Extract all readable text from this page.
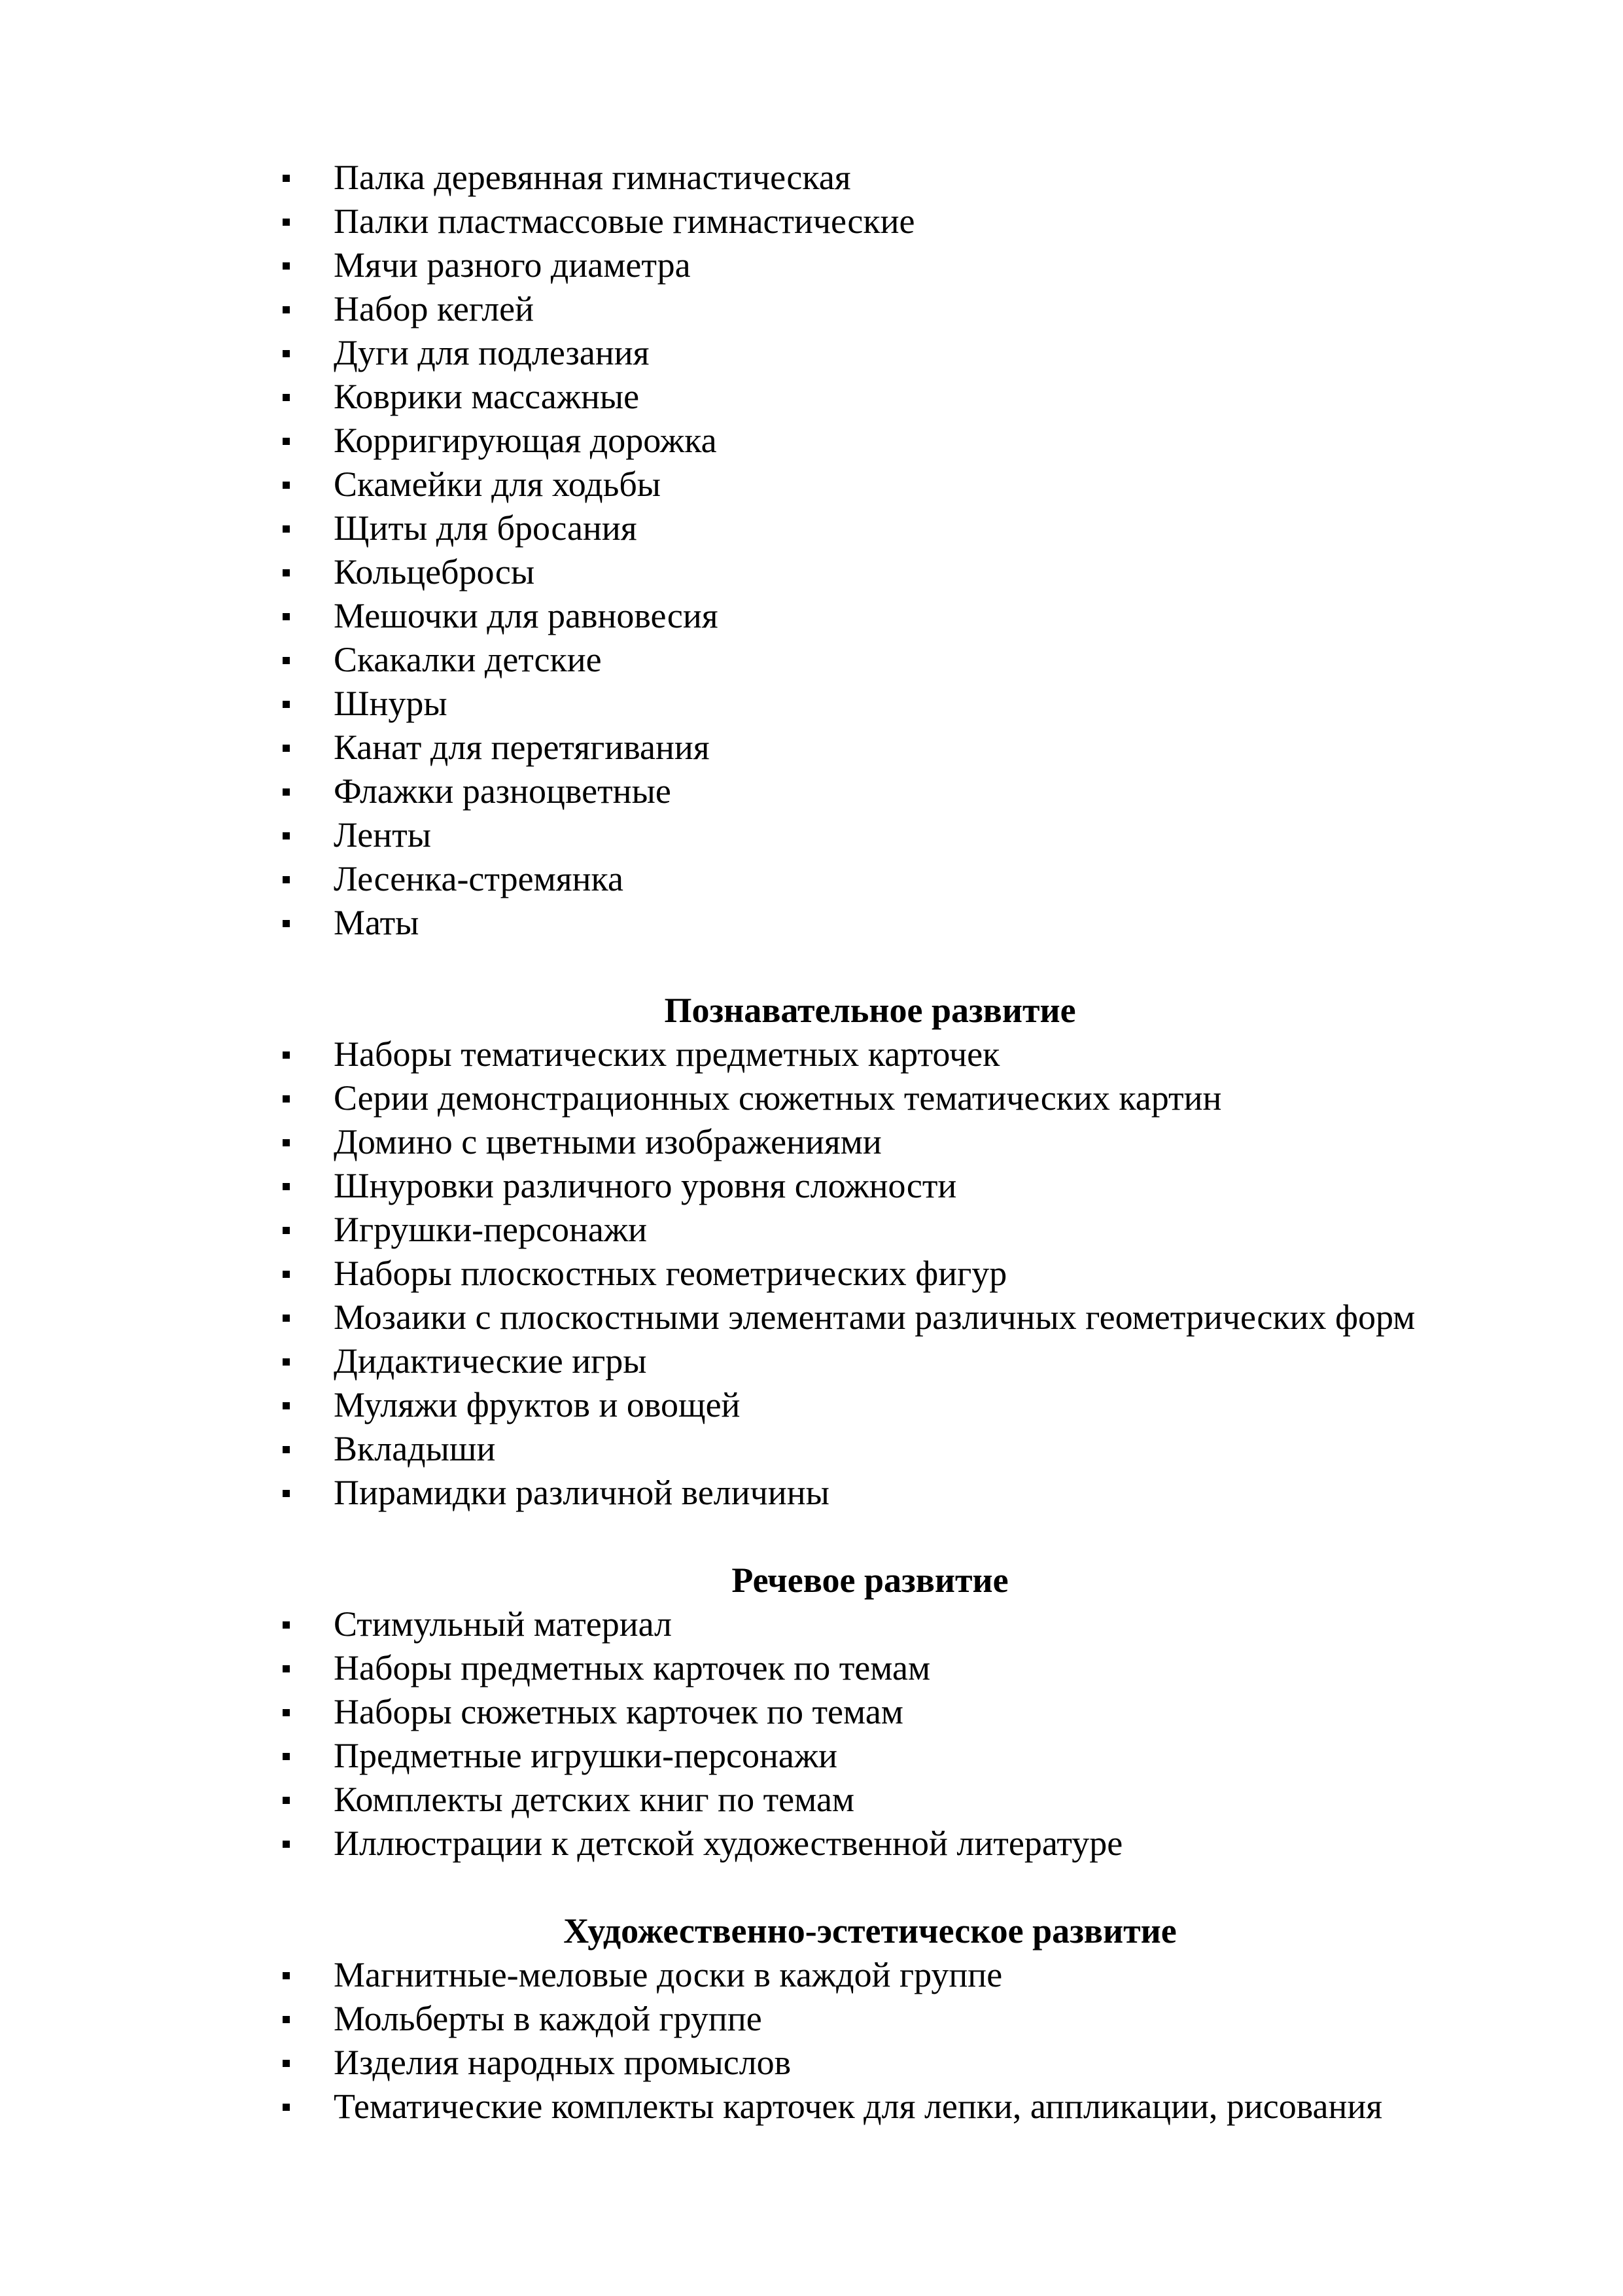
Палка деревянная гимнастическая
Палки пластмассовые гимнастические
Мячи разного диаметра
Набор кеглей
Дуги для подлезания
Коврики массажные
Корригирующая дорожка
Скамейки для ходьбы
Щиты для бросания
Кольцебросы
Мешочки для равновесия
Скакалки детские
Шнуры
Канат для перетягивания
Флажки разноцветные
Ленты
Лесенка-стремянка
Маты
Познавательное развитие
Наборы тематических предметных карточек
Серии демонстрационных сюжетных тематических картин
Домино с цветными изображениями
Шнуровки различного уровня сложности
Игрушки-персонажи
Наборы плоскостных геометрических фигур
Мозаики с плоскостными элементами различных геометрических форм
Дидактические игры
Муляжи фруктов и овощей
Вкладыши
Пирамидки различной величины
Речевое развитие
Стимульный материал
Наборы предметных карточек по темам
Наборы сюжетных карточек по темам
Предметные игрушки-персонажи
Комплекты детских книг по темам
Иллюстрации к детской художественной литературе
Художественно-эстетическое развитие
Магнитные-меловые доски в каждой группе
Мольберты в каждой группе
Изделия народных промыслов
Тематические комплекты карточек для лепки, аппликации, рисования
